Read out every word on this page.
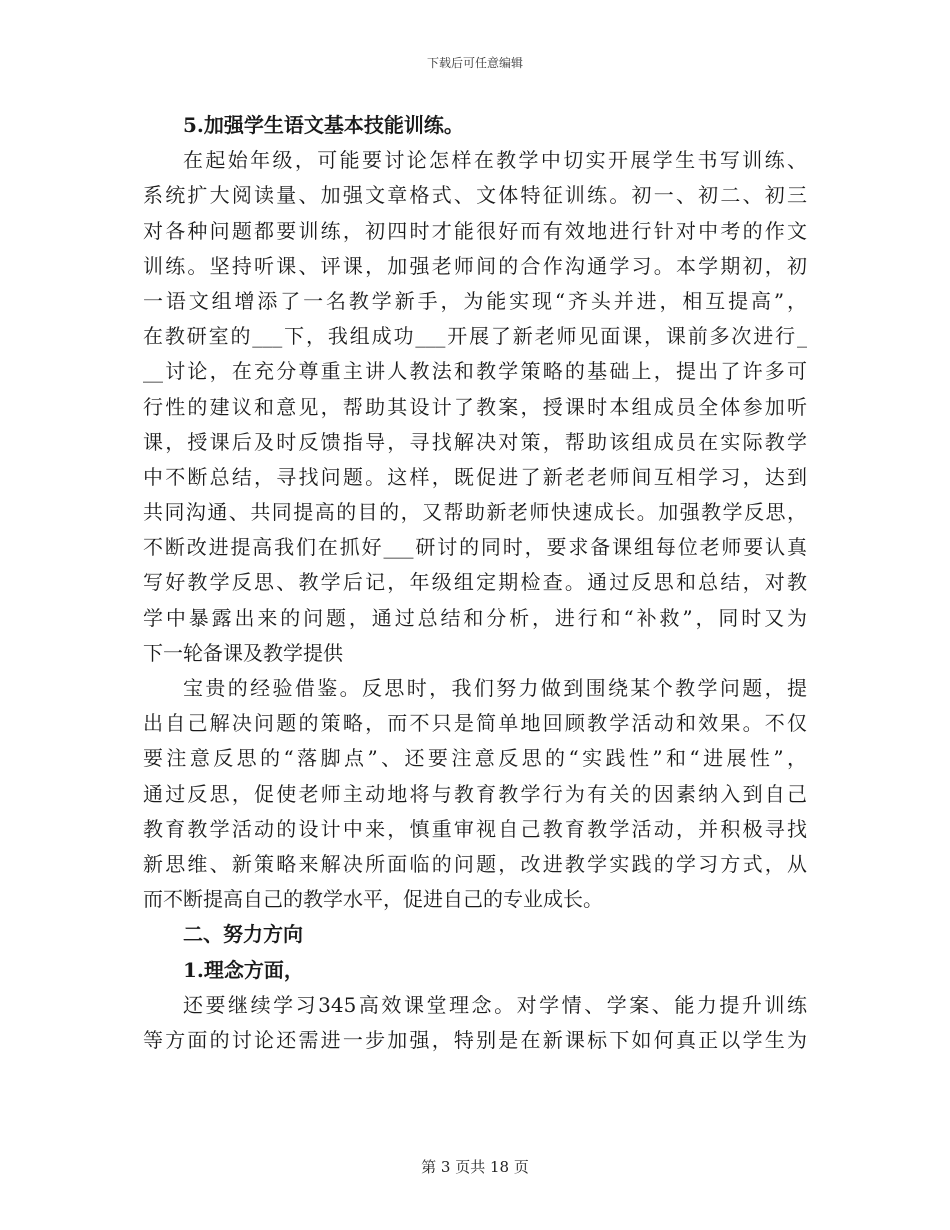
下载后可任意编辑
5.加强学生语文基本技能训练。
在起始年级，可能要讨论怎样在教学中切实开展学生书写训练、
系统扩大阅读量、加强文章格式、文体特征训练。初一、初二、初三
对各种问题都要训练，初四时才能很好而有效地进行针对中考的作文
训练。坚持听课、评课，加强老师间的合作沟通学习。本学期初，初
一语文组增添了一名教学新手，为能实现“齐头并进，相互提高”，
在教研室的___下，我组成功___开展了新老师见面课，课前多次进行_
__讨论，在充分尊重主讲人教法和教学策略的基础上，提出了许多可
行性的建议和意见，帮助其设计了教案，授课时本组成员全体参加听
课，授课后及时反馈指导，寻找解决对策，帮助该组成员在实际教学
中不断总结，寻找问题。这样，既促进了新老老师间互相学习，达到
共同沟通、共同提高的目的，又帮助新老师快速成长。加强教学反思，
不断改进提高我们在抓好___研讨的同时，要求备课组每位老师要认真
写好教学反思、教学后记，年级组定期检查。通过反思和总结，对教
学中暴露出来的问题，通过总结和分析，进行和“补救”，同时又为
下一轮备课及教学提供
宝贵的经验借鉴。反思时，我们努力做到围绕某个教学问题，提
出自己解决问题的策略，而不只是简单地回顾教学活动和效果。不仅
要注意反思的“落脚点”、还要注意反思的“实践性”和“进展性”，
通过反思，促使老师主动地将与教育教学行为有关的因素纳入到自己
教育教学活动的设计中来，慎重审视自己教育教学活动，并积极寻找
新思维、新策略来解决所面临的问题，改进教学实践的学习方式，从
而不断提高自己的教学水平，促进自己的专业成长。
二、努力方向
1.理念方面，
还要继续学习345高效课堂理念。对学情、学案、能力提升训练
等方面的讨论还需进一步加强，特别是在新课标下如何真正以学生为
第 3 页共 18 页
